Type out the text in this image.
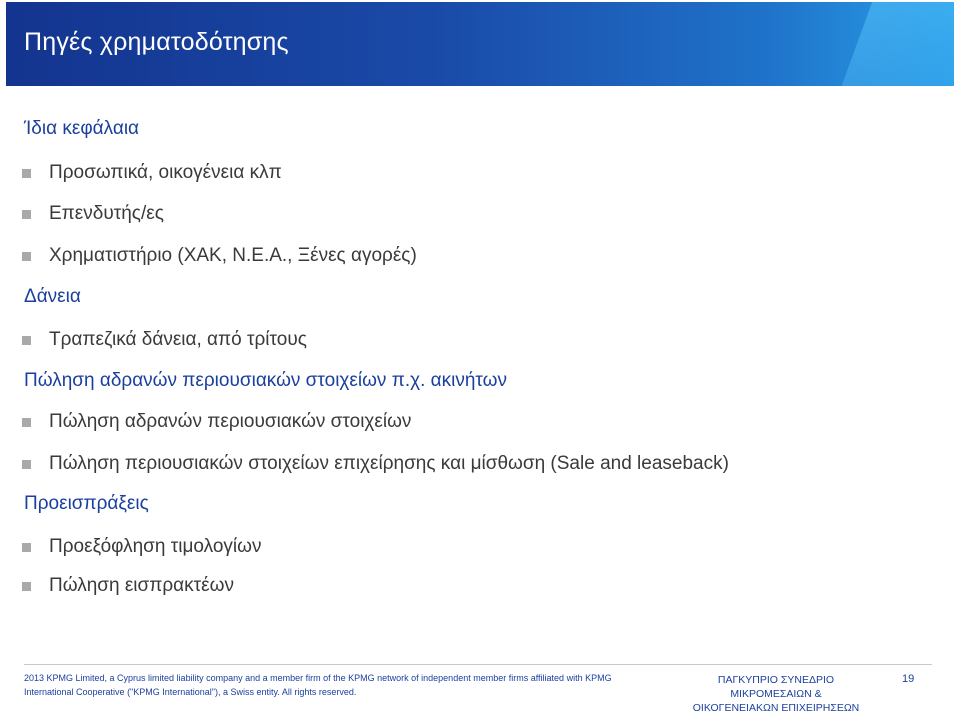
Πηγές χρηματοδότησης
Ίδια κεφάλαια
Προσωπικά, οικογένεια κλπ
Επενδυτής/ες
Χρηματιστήριο (ΧΑΚ, Ν.Ε.Α., Ξένες αγορές)
Δάνεια
Τραπεζικά δάνεια, από τρίτους
Πώληση αδρανών περιουσιακών στοιχείων π.χ. ακινήτων
Πώληση αδρανών περιουσιακών στοιχείων
Πώληση περιουσιακών στοιχείων επιχείρησης και μίσθωση (Sale and leaseback)
Προεισπράξεις
Προεξόφληση τιμολογίων
Πώληση εισπρακτέων
2013 KPMG Limited, a Cyprus limited liability company and a member firm of the KPMG network of independent member firms affiliated with KPMG
International Cooperative ("KPMG International"), a Swiss entity. All rights reserved.
ΠΑΓΚΥΠΡΙΟ ΣΥΝΕΔΡΙΟ ΜΙΚΡΟΜΕΣΑΙΩΝ &
ΟΙΚΟΓΕΝΕΙΑΚΩΝ ΕΠΙΧΕΙΡΗΣΕΩΝ
19
